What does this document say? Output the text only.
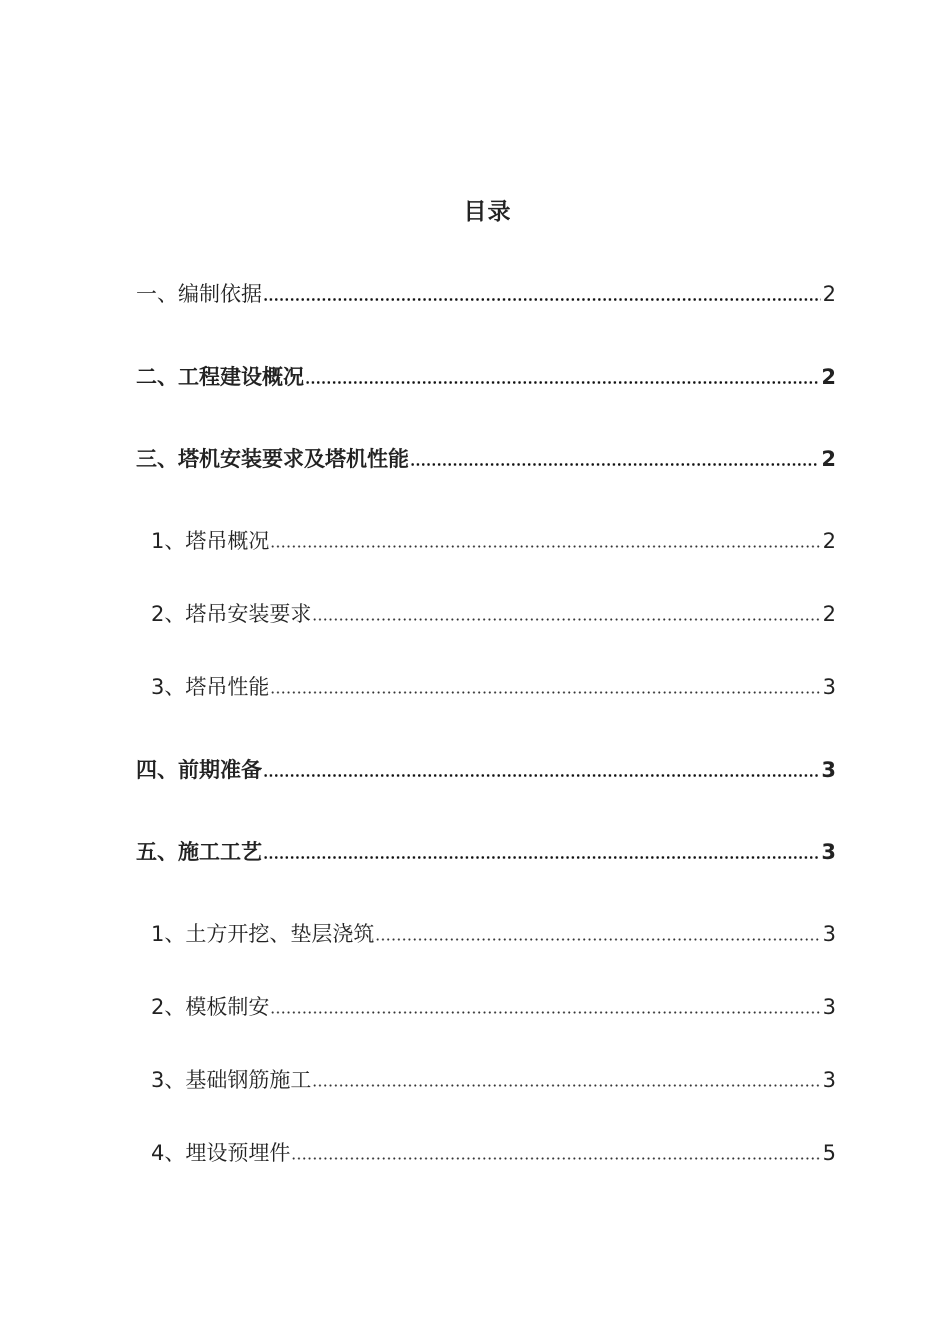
目录
一、编制依据	2
二、工程建设概况	2
三、塔机安装要求及塔机性能	2
1、塔吊概况	2
2、塔吊安装要求	2
3、塔吊性能	3
四、前期准备	3
五、施工工艺	3
1、土方开挖、垫层浇筑	3
2、模板制安	3
3、基础钢筋施工	3
4、埋设预埋件	5
